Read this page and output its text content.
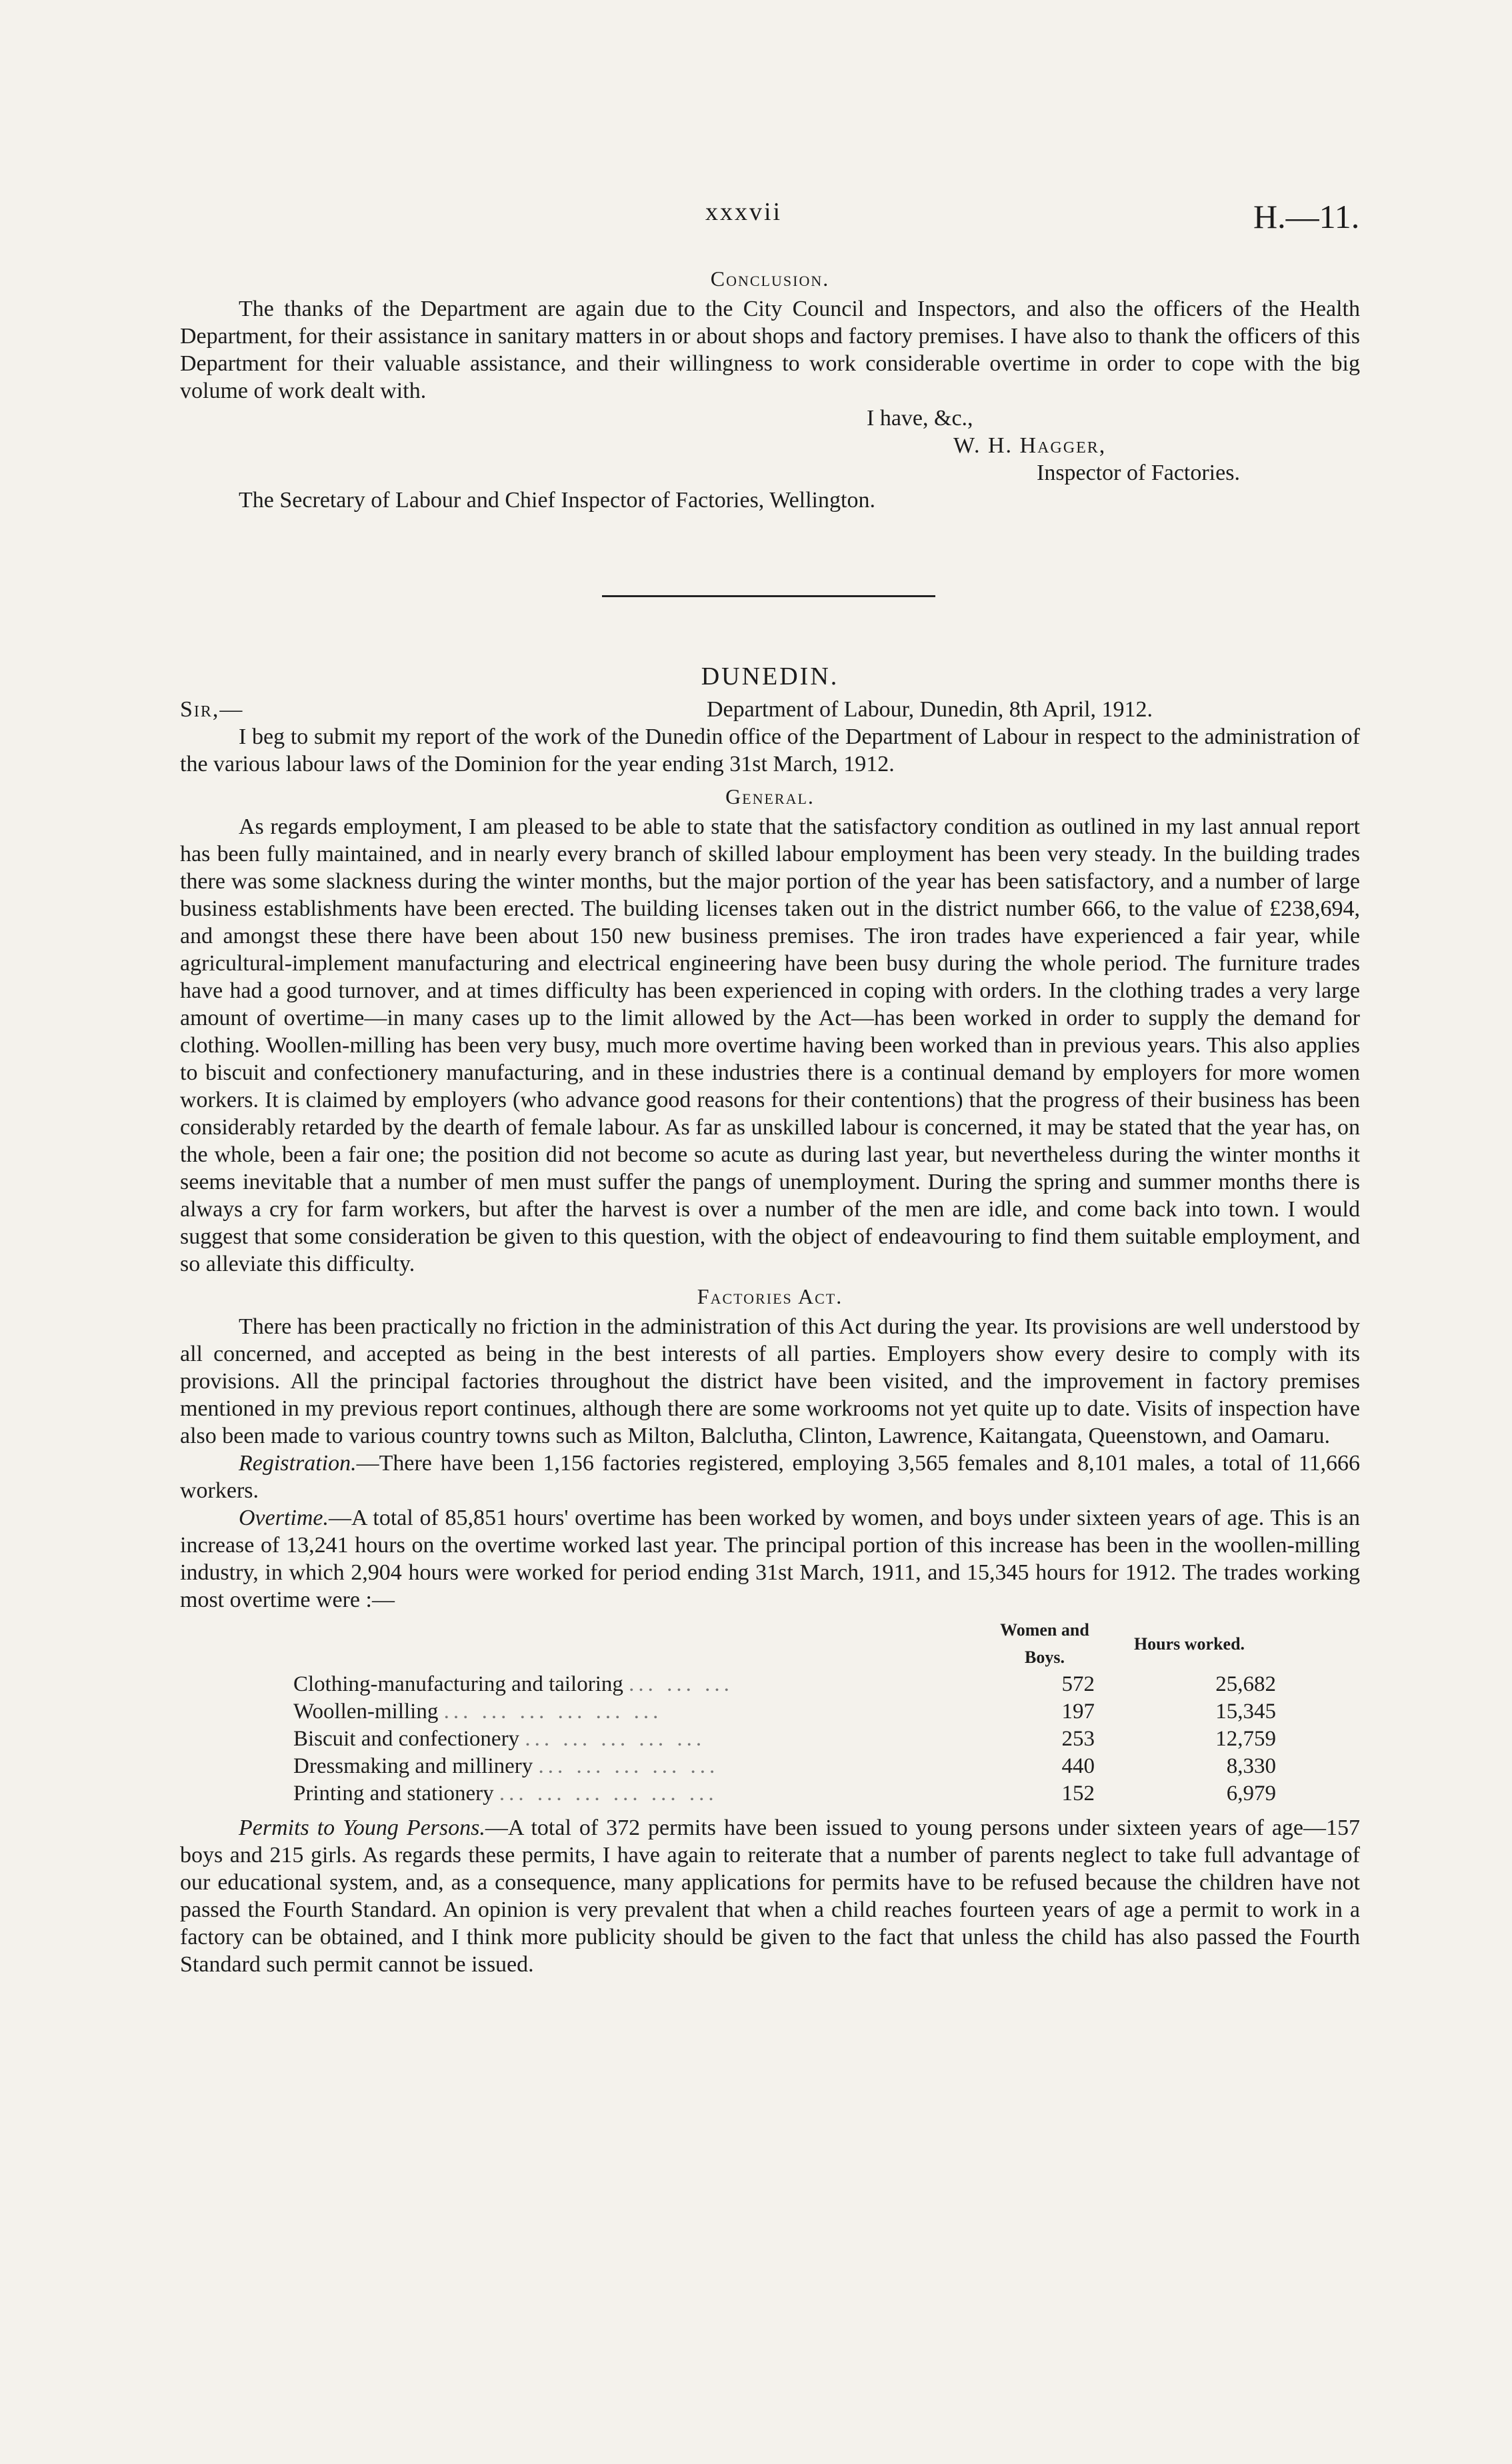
xxxvii	H.—11.
Conclusion.

The thanks of the Department are again due to the City Council and Inspectors, and also the officers of the Health Department, for their assistance in sanitary matters in or about shops and factory premises. I have also to thank the officers of this Department for their valuable assistance, and their willingness to work considerable overtime in order to cope with the big volume of work dealt with.

I have, &c.,
W. H. Hagger,
Inspector of Factories.
The Secretary of Labour and Chief Inspector of Factories, Wellington.
DUNEDIN.
Sir,—	Department of Labour, Dunedin, 8th April, 1912.

I beg to submit my report of the work of the Dunedin office of the Department of Labour in respect to the administration of the various labour laws of the Dominion for the year ending 31st March, 1912.

General.

As regards employment, I am pleased to be able to state that the satisfactory condition as outlined in my last annual report has been fully maintained, and in nearly every branch of skilled labour employment has been very steady. In the building trades there was some slackness during the winter months, but the major portion of the year has been satisfactory, and a number of large business establishments have been erected. The building licenses taken out in the district number 666, to the value of £238,694, and amongst these there have been about 150 new business premises. The iron trades have experienced a fair year, while agricultural-implement manufacturing and electrical engineering have been busy during the whole period. The furniture trades have had a good turnover, and at times difficulty has been experienced in coping with orders. In the clothing trades a very large amount of overtime—in many cases up to the limit allowed by the Act—has been worked in order to supply the demand for clothing. Woollen-milling has been very busy, much more overtime having been worked than in previous years. This also applies to biscuit and confectionery manufacturing, and in these industries there is a continual demand by employers for more women workers. It is claimed by employers (who advance good reasons for their contentions) that the progress of their business has been considerably retarded by the dearth of female labour. As far as unskilled labour is concerned, it may be stated that the year has, on the whole, been a fair one; the position did not become so acute as during last year, but nevertheless during the winter months it seems inevitable that a number of men must suffer the pangs of unemployment. During the spring and summer months there is always a cry for farm workers, but after the harvest is over a number of the men are idle, and come back into town. I would suggest that some consideration be given to this question, with the object of endeavouring to find them suitable employment, and so alleviate this difficulty.

Factories Act.

There has been practically no friction in the administration of this Act during the year. Its provisions are well understood by all concerned, and accepted as being in the best interests of all parties. Employers show every desire to comply with its provisions. All the principal factories throughout the district have been visited, and the improvement in factory premises mentioned in my previous report continues, although there are some workrooms not yet quite up to date. Visits of inspection have also been made to various country towns such as Milton, Balclutha, Clinton, Lawrence, Kaitangata, Queenstown, and Oamaru.

Registration.—There have been 1,156 factories registered, employing 3,565 females and 8,101 males, a total of 11,666 workers.

Overtime.—A total of 85,851 hours' overtime has been worked by women, and boys under sixteen years of age. This is an increase of 13,241 hours on the overtime worked last year. The principal portion of this increase has been in the woollen-milling industry, in which 2,904 hours were worked for period ending 31st March, 1911, and 15,345 hours for 1912. The trades working most overtime were :—

	Women and Boys.	Hours worked.
Clothing-manufacturing and tailoring ... ... ...	572	25,682
Woollen-milling ... ... ... ... ... ...	197	15,345
Biscuit and confectionery ... ... ... ... ...	253	12,759
Dressmaking and millinery ... ... ... ... ...	440	8,330
Printing and stationery ... ... ... ... ... ...	152	6,979

Permits to Young Persons.—A total of 372 permits have been issued to young persons under sixteen years of age—157 boys and 215 girls. As regards these permits, I have again to reiterate that a number of parents neglect to take full advantage of our educational system, and, as a consequence, many applications for permits have to be refused because the children have not passed the Fourth Standard. An opinion is very prevalent that when a child reaches fourteen years of age a permit to work in a factory can be obtained, and I think more publicity should be given to the fact that unless the child has also passed the Fourth Standard such permit cannot be issued.
